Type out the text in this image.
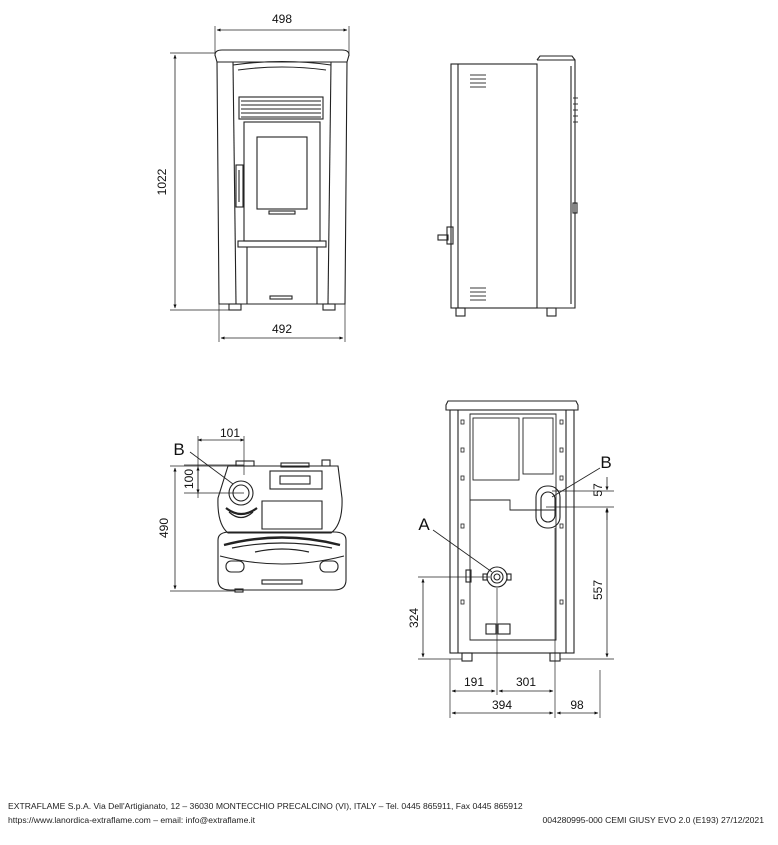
498
1022
492
101
100
490
B
57
557
324
191	301
394	98
B
A
EXTRAFLAME S.p.A. Via Dell'Artigianato, 12 – 36030 MONTECCHIO PRECALCINO (VI), ITALY – Tel. 0445 865911, Fax 0445 865912
https://www.lanordica-extraflame.com – email: info@extraflame.it	004280995-000 CEMI GIUSY EVO 2.0 (E193) 27/12/2021
